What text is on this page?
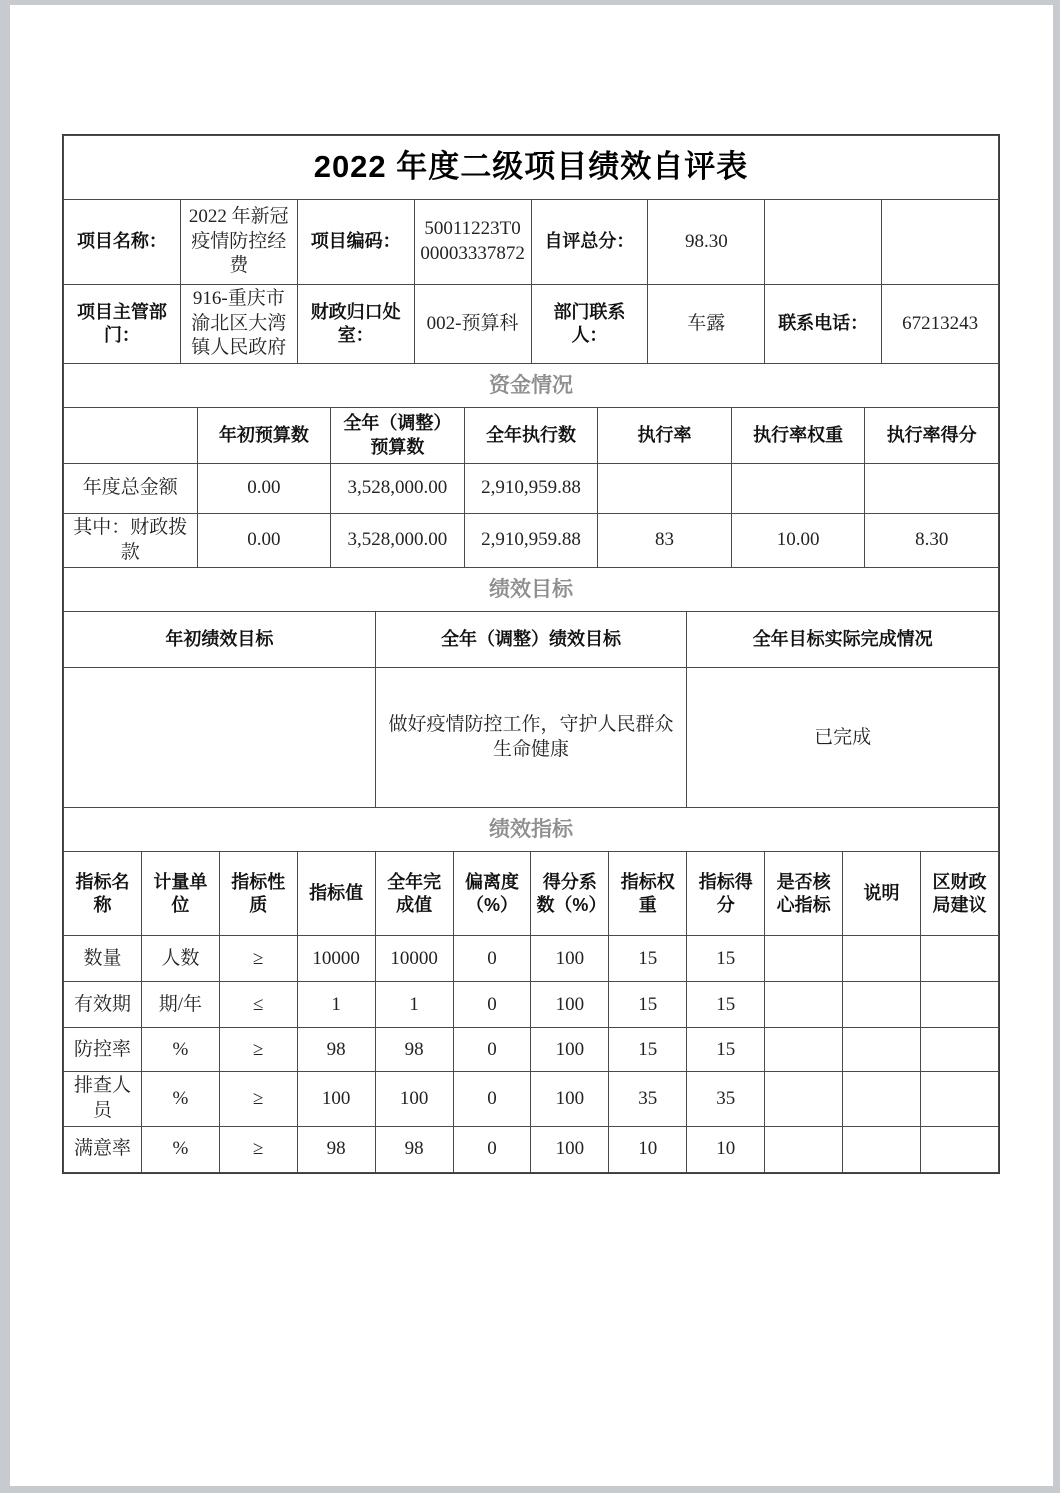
2022 年度二级项目绩效自评表
项目名称：	2022 年新冠疫情防控经费	项目编码：	50011223T000003337872	自评总分：	98.30		
项目主管部门：	916-重庆市渝北区大湾镇人民政府	财政归口处室：	002-预算科	部门联系人：	车露	联系电话：	67213243
资金情况
	年初预算数	全年（调整）预算数	全年执行数	执行率	执行率权重	执行率得分
年度总金额	0.00	3,528,000.00	2,910,959.88			
其中：财政拨款	0.00	3,528,000.00	2,910,959.88	83	10.00	8.30
绩效目标
年初绩效目标	全年（调整）绩效目标	全年目标实际完成情况
	做好疫情防控工作，守护人民群众生命健康	已完成
绩效指标
指标名称	计量单位	指标性质	指标值	全年完成值	偏离度（%）	得分系数（%）	指标权重	指标得分	是否核心指标	说明	区财政局建议
数量	人数	≥	10000	10000	0	100	15	15			
有效期	期/年	≤	1	1	0	100	15	15			
防控率	%	≥	98	98	0	100	15	15			
排查人员	%	≥	100	100	0	100	35	35			
满意率	%	≥	98	98	0	100	10	10			
